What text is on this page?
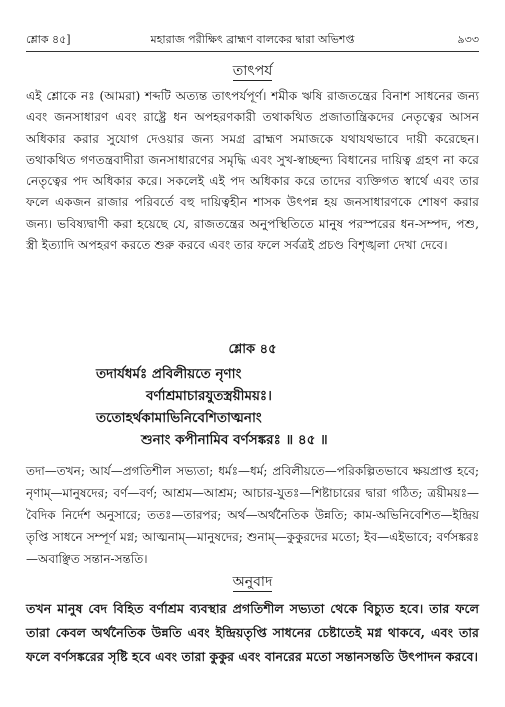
শ্লোক ৪৫]	মহারাজ পরীক্ষিৎ ব্রাহ্মণ বালকের দ্বারা অভিশপ্ত	৯৩৩
তাৎপর্য

এই শ্লোকে নঃ (আমরা) শব্দটি অত্যন্ত তাৎপর্যপূর্ণ। শমীক ঋষি রাজতন্ত্রের বিনাশ সাধনের জন্য এবং জনসাধারণ এবং রাষ্ট্রে ধন অপহরণকারী তথাকথিত প্রজাতান্ত্রিকদের নেতৃত্বের আসন অধিকার করার সুযোগ দেওয়ার জন্য সমগ্র ব্রাহ্মণ সমাজকে যথাযথভাবে দায়ী করেছেন। তথাকথিত গণতন্ত্রবাদীরা জনসাধারণের সমৃদ্ধি এবং সুখ-স্বাচ্ছন্দ্য বিধানের দায়িত্ব গ্রহণ না করে নেতৃত্বের পদ অধিকার করে। সকলেই এই পদ অধিকার করে তাদের ব্যক্তিগত স্বার্থে এবং তার ফলে একজন রাজার পরিবর্তে বহু দায়িত্বহীন শাসক উৎপন্ন হয় জনসাধারণকে শোষণ করার জন্য। ভবিষ্যদ্বাণী করা হয়েছে যে, রাজতন্ত্রের অনুপস্থিতিতে মানুষ পরস্পরের ধন-সম্পদ, পশু, স্ত্রী ইত্যাদি অপহরণ করতে শুরু করবে এবং তার ফলে সর্বত্রই প্রচণ্ড বিশৃঙ্খলা দেখা দেবে।

শ্লোক ৪৫
তদার্যধর্মঃ প্রবিলীয়তে নৃণাং
বর্ণাশ্রমাচারযুতস্ত্রয়ীময়ঃ।
ততোহর্থকামাভিনিবেশিতাত্মনাং
শুনাং কপীনামিব বর্ণসঙ্করঃ ॥ ৪৫ ॥

তদা—তখন; আর্য—প্রগতিশীল সভ্যতা; ধর্মঃ—ধর্ম; প্রবিলীয়তে—পরিকল্পিতভাবে ক্ষয়প্রাপ্ত হবে; নৃণাম্—মানুষদের; বর্ণ—বর্ণ; আশ্রম—আশ্রম; আচার-যুতঃ—শিষ্টাচারের দ্বারা গঠিত; ত্রয়ীময়ঃ—বৈদিক নির্দেশ অনুসারে; ততঃ—তারপর; অর্থ—অর্থনৈতিক উন্নতি; কাম-অভিনিবেশিত—ইন্দ্রিয় তৃপ্তি সাধনে সম্পূর্ণ মগ্ন; আত্মনাম্—মানুষদের; শুনাম্—কুকুরদের মতো; ইব—এইভাবে; বর্ণসঙ্করঃ—অবাঞ্ছিত সন্তান-সন্ততি।

অনুবাদ

তখন মানুষ বেদ বিহিত বর্ণাশ্রম ব্যবস্থার প্রগতিশীল সভ্যতা থেকে বিচ্যুত হবে। তার ফলে তারা কেবল অর্থনৈতিক উন্নতি এবং ইন্দ্রিয়তৃপ্তি সাধনের চেষ্টাতেই মগ্ন থাকবে, এবং তার ফলে বর্ণসঙ্করের সৃষ্টি হবে এবং তারা কুকুর এবং বানরের মতো সন্তানসন্ততি উৎপাদন করবে।
